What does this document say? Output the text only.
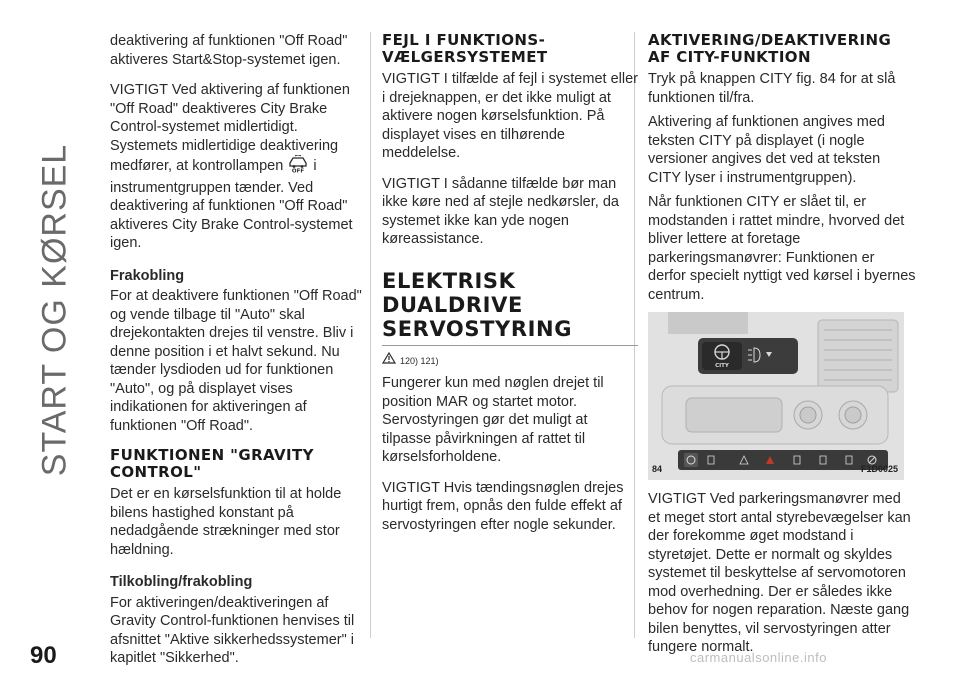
START OG KØRSEL

deaktivering af funktionen "Off Road" aktiveres Start&Stop-systemet igen.

VIGTIGT Ved aktivering af funktionen "Off Road" deaktiveres City Brake Control-systemet midlertidigt. Systemets midlertidige deaktivering medfører, at kontrollampen OFF i instrumentgruppen tænder. Ved deaktivering af funktionen "Off Road" aktiveres City Brake Control-systemet igen.

Frakobling

For at deaktivere funktionen "Off Road" og vende tilbage til "Auto" skal drejekontakten drejes til venstre. Bliv i denne position i et halvt sekund. Nu tænder lysdioden ud for funktionen "Auto", og på displayet vises indikationen for aktiveringen af funktionen "Off Road".

FUNKTIONEN "GRAVITY CONTROL"

Det er en kørselsfunktion til at holde bilens hastighed konstant på nedadgående strækninger med stor hældning.

Tilkobling/frakobling

For aktiveringen/deaktiveringen af Gravity Control-funktionen henvises til afsnittet "Aktive sikkerhedssystemer" i kapitlet "Sikkerhed".

FEJL I FUNKTIONS-VÆLGERSYSTEMET

VIGTIGT I tilfælde af fejl i systemet eller i drejeknappen, er det ikke muligt at aktivere nogen kørselsfunktion. På displayet vises en tilhørende meddelelse.

VIGTIGT I sådanne tilfælde bør man ikke køre ned af stejle nedkørsler, da systemet ikke kan yde nogen køreassistance.

ELEKTRISK DUALDRIVE SERVOSTYRING
120) 121)

Fungerer kun med nøglen drejet til position MAR og startet motor. Servostyringen gør det muligt at tilpasse påvirkningen af rattet til kørselsforholdene.

VIGTIGT Hvis tændingsnøglen drejes hurtigt frem, opnås den fulde effekt af servostyringen efter nogle sekunder.

AKTIVERING/DEAKTIVERING AF CITY-FUNKTION

Tryk på knappen CITY fig. 84 for at slå funktionen til/fra.

Aktivering af funktionen angives med teksten CITY på displayet (i nogle versioner angives det ved at teksten CITY lyser i instrumentgruppen).

Når funktionen CITY er slået til, er modstanden i rattet mindre, hvorved det bliver lettere at foretage parkeringsmanøvrer: Funktionen er derfor specielt nyttigt ved kørsel i byernes centrum.

CITY
84	F1D0025

VIGTIGT Ved parkeringsmanøvrer med et meget stort antal styrebevægelser kan der forekomme øget modstand i styretøjet. Dette er normalt og skyldes systemet til beskyttelse af servomotoren mod overhedning. Der er således ikke behov for nogen reparation. Næste gang bilen benyttes, vil servostyringen atter fungere normalt.

90	carmanualsonline.info
